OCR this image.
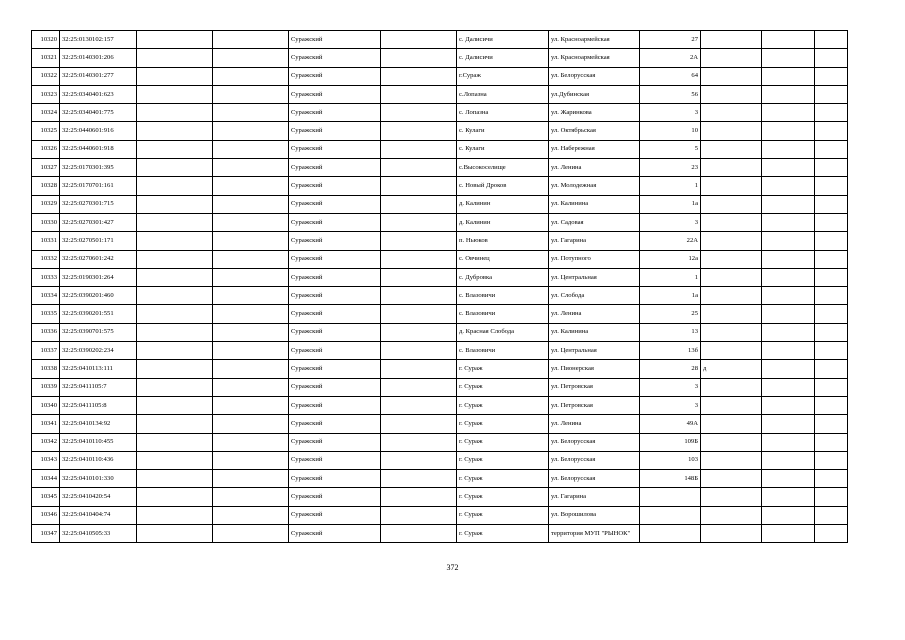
10320	32:25:0130102:157			Суражский		с. Далисичи	ул. Красноармейская	27			
10321	32:25:0140301:206			Суражский		с. Далисичи	ул. Красноармейская	2А			
10322	32:25:0140301:277			Суражский		г.Сураж	ул. Белорусская	64			
10323	32:25:0340401:623			Суражский		с.Лопазна	ул.Дубинская	56			
10324	32:25:0340401:775			Суражский		с. Лопазна	ул. Жаринкова	3			
10325	32:25:0440601:916			Суражский		с. Кулаги	ул. Октябрьская	10			
10326	32:25:0440601:918			Суражский		с. Кулаги	ул. Набережная	5			
10327	32:25:0170301:395			Суражский		с.Высокоселище	ул. Ленина	23			
10328	32:25:0170701:161			Суражский		с. Новый Дроков	ул. Молодежная	1			
10329	32:25:0270301:715			Суражский		д. Калинин	ул. Калинина	1а			
10330	32:25:0270301:427			Суражский		д. Калинин	ул. Садовая	3			
10331	32:25:0270501:171			Суражский		п. Ньюков	ул. Гагарина	22А			
10332	32:25:0270601:242			Суражский		с. Овчинец	ул. Потупного	12а			
10333	32:25:0190301:264			Суражский		с. Дубровка	ул. Центральная	1			
10334	32:25:0390201:460			Суражский		с. Влазовичи	ул. Слобода	1а			
10335	32:25:0390201:551			Суражский		с. Влазовичи	ул. Ленина	25			
10336	32:25:0390701:575			Суражский		д. Красная Слобода	ул. Калинина	13			
10337	32:25:0390202:234			Суражский		с. Влазовичи	ул. Центральная	13б			
10338	32:25:0410113:111			Суражский		г. Сураж	ул. Пионерская	28	д		
10339	32:25:0411105:7			Суражский		г. Сураж	ул. Петровская	3			
10340	32:25:0411105:8			Суражский		г. Сураж	ул. Петровская	3			
10341	32:25:0410134:92			Суражский		г. Сураж	ул. Ленина	49А			
10342	32:25:0410110:455			Суражский		г. Сураж	ул. Белорусская	109Б			
10343	32:25:0410110:436			Суражский		г. Сураж	ул. Белорусская	103			
10344	32:25:0410101:330			Суражский		г. Сураж	ул. Белорусская	148Б			
10345	32:25:0410420:54			Суражский		г. Сураж	ул. Гагарина				
10346	32:25:0410404:74			Суражский		г. Сураж	ул. Ворошилова				
10347	32:25:0410505:33			Суражский		г. Сураж	территория МУП "РЫНОК"				
372
